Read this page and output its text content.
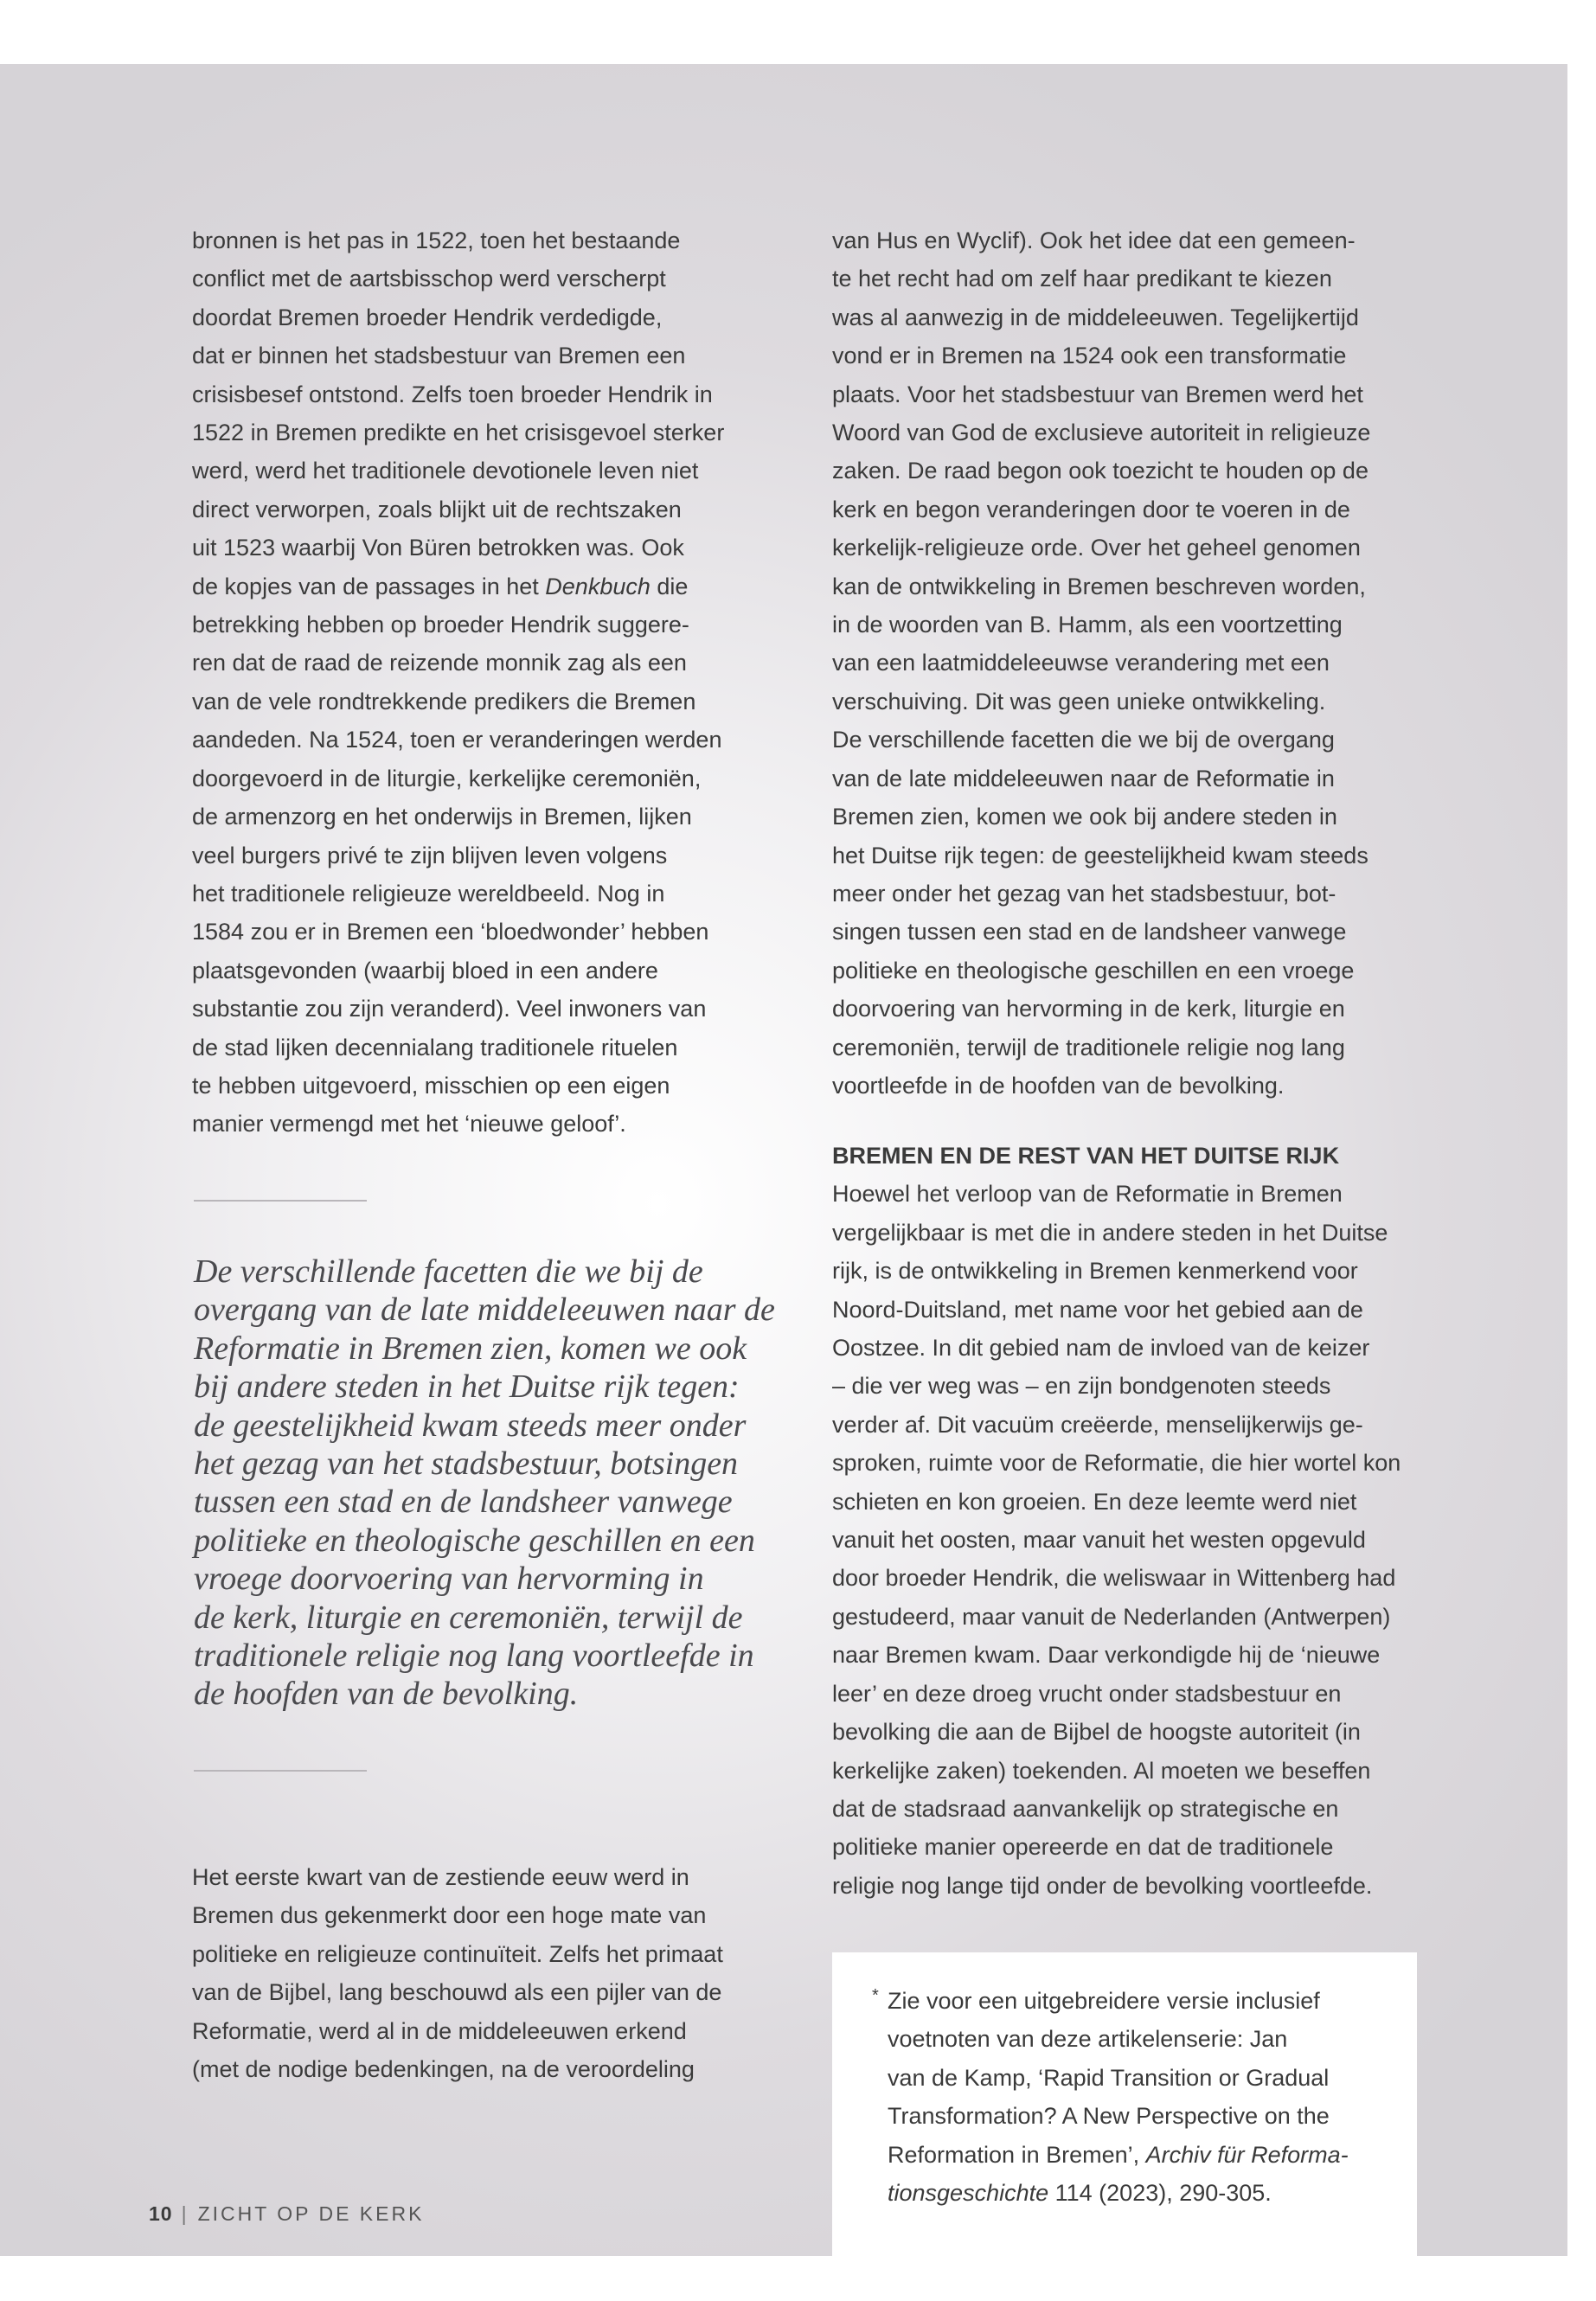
bronnen is het pas in 1522, toen het bestaande
conflict met de aartsbisschop werd verscherpt
doordat Bremen broeder Hendrik verdedigde,
dat er binnen het stadsbestuur van Bremen een
crisisbesef ontstond. Zelfs toen broeder Hendrik in
1522 in Bremen predikte en het crisisgevoel sterker
werd, werd het traditionele devotionele leven niet
direct verworpen, zoals blijkt uit de rechtszaken
uit 1523 waarbij Von Büren betrokken was. Ook
de kopjes van de passages in het Denkbuch die
betrekking hebben op broeder Hendrik suggere-
ren dat de raad de reizende monnik zag als een
van de vele rondtrekkende predikers die Bremen
aandeden. Na 1524, toen er veranderingen werden
doorgevoerd in de liturgie, kerkelijke ceremoniën,
de armenzorg en het onderwijs in Bremen, lijken
veel burgers privé te zijn blijven leven volgens
het traditionele religieuze wereldbeeld. Nog in
1584 zou er in Bremen een ‘bloedwonder’ hebben
plaatsgevonden (waarbij bloed in een andere
substantie zou zijn veranderd). Veel inwoners van
de stad lijken decennialang traditionele rituelen
te hebben uitgevoerd, misschien op een eigen
manier vermengd met het ‘nieuwe geloof’.

De verschillende facetten die we bij de
overgang van de late middeleeuwen naar de
Reformatie in Bremen zien, komen we ook
bij andere steden in het Duitse rijk tegen:
de geestelijkheid kwam steeds meer onder
het gezag van het stadsbestuur, botsingen
tussen een stad en de landsheer vanwege
politieke en theologische geschillen en een
vroege doorvoering van hervorming in
de kerk, liturgie en ceremoniën, terwijl de
traditionele religie nog lang voortleefde in
de hoofden van de bevolking.

Het eerste kwart van de zestiende eeuw werd in
Bremen dus gekenmerkt door een hoge mate van
politieke en religieuze continuïteit. Zelfs het primaat
van de Bijbel, lang beschouwd als een pijler van de
Reformatie, werd al in de middeleeuwen erkend
(met de nodige bedenkingen, na de veroordeling

van Hus en Wyclif). Ook het idee dat een gemeen-
te het recht had om zelf haar predikant te kiezen
was al aanwezig in de middeleeuwen. Tegelijkertijd
vond er in Bremen na 1524 ook een transformatie
plaats. Voor het stadsbestuur van Bremen werd het
Woord van God de exclusieve autoriteit in religieuze
zaken. De raad begon ook toezicht te houden op de
kerk en begon veranderingen door te voeren in de
kerkelijk-religieuze orde. Over het geheel genomen
kan de ontwikkeling in Bremen beschreven worden,
in de woorden van B. Hamm, als een voortzetting
van een laatmiddeleeuwse verandering met een
verschuiving. Dit was geen unieke ontwikkeling.
De verschillende facetten die we bij de overgang
van de late middeleeuwen naar de Reformatie in
Bremen zien, komen we ook bij andere steden in
het Duitse rijk tegen: de geestelijkheid kwam steeds
meer onder het gezag van het stadsbestuur, bot-
singen tussen een stad en de landsheer vanwege
politieke en theologische geschillen en een vroege
doorvoering van hervorming in de kerk, liturgie en
ceremoniën, terwijl de traditionele religie nog lang
voortleefde in de hoofden van de bevolking.

BREMEN EN DE REST VAN HET DUITSE RIJK

Hoewel het verloop van de Reformatie in Bremen
vergelijkbaar is met die in andere steden in het Duitse
rijk, is de ontwikkeling in Bremen kenmerkend voor
Noord-Duitsland, met name voor het gebied aan de
Oostzee. In dit gebied nam de invloed van de keizer
– die ver weg was – en zijn bondgenoten steeds
verder af. Dit vacuüm creëerde, menselijkerwijs ge-
sproken, ruimte voor de Reformatie, die hier wortel kon
schieten en kon groeien. En deze leemte werd niet
vanuit het oosten, maar vanuit het westen opgevuld
door broeder Hendrik, die weliswaar in Wittenberg had
gestudeerd, maar vanuit de Nederlanden (Antwerpen)
naar Bremen kwam. Daar verkondigde hij de ‘nieuwe
leer’ en deze droeg vrucht onder stadsbestuur en
bevolking die aan de Bijbel de hoogste autoriteit (in
kerkelijke zaken) toekenden. Al moeten we beseffen
dat de stadsraad aanvankelijk op strategische en
politieke manier opereerde en dat de traditionele
religie nog lange tijd onder de bevolking voortleefde.

* Zie voor een uitgebreidere versie inclusief
voetnoten van deze artikelenserie: Jan
van de Kamp, ‘Rapid Transition or Gradual
Transformation? A New Perspective on the
Reformation in Bremen’, Archiv für Reforma-
tionsgeschichte 114 (2023), 290-305.
10 | ZICHT OP DE KERK
